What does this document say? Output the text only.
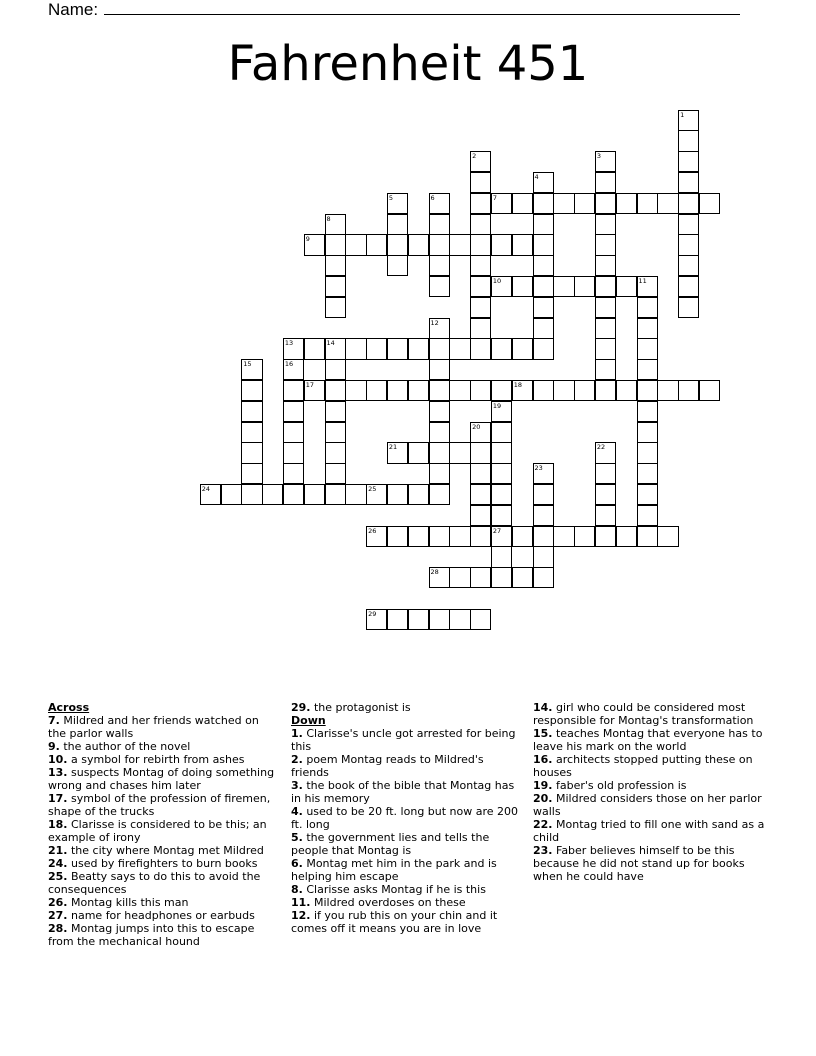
Name:
Fahrenheit 451
1
2	3
4
5	6	7
8
9
10	11
12
13	14
15	16
17	18
19
27
20
21	22
23
24	25
26
28
29
Across
7. Mildred and her friends watched on the parlor walls
9. the author of the novel
10. a symbol for rebirth from ashes
13. suspects Montag of doing something wrong and chases him later
17. symbol of the profession of firemen, shape of the trucks
18. Clarisse is considered to be this; an example of irony
21. the city where Montag met Mildred
24. used by firefighters to burn books
25. Beatty says to do this to avoid the consequences
26. Montag kills this man
27. name for headphones or earbuds
28. Montag jumps into this to escape from the mechanical hound
29. the protagonist is
Down
1. Clarisse's uncle got arrested for being this
2. poem Montag reads to Mildred's friends
3. the book of the bible that Montag has in his memory
4. used to be 20 ft. long but now are 200 ft. long
5. the government lies and tells the people that Montag is
6. Montag met him in the park and is helping him escape
8. Clarisse asks Montag if he is this
11. Mildred overdoses on these
12. if you rub this on your chin and it comes off it means you are in love
14. girl who could be considered most responsible for Montag's transformation
15. teaches Montag that everyone has to leave his mark on the world
16. architects stopped putting these on houses
19. faber's old profession is
20. Mildred considers those on her parlor walls
22. Montag tried to fill one with sand as a child
23. Faber believes himself to be this because he did not stand up for books when he could have
